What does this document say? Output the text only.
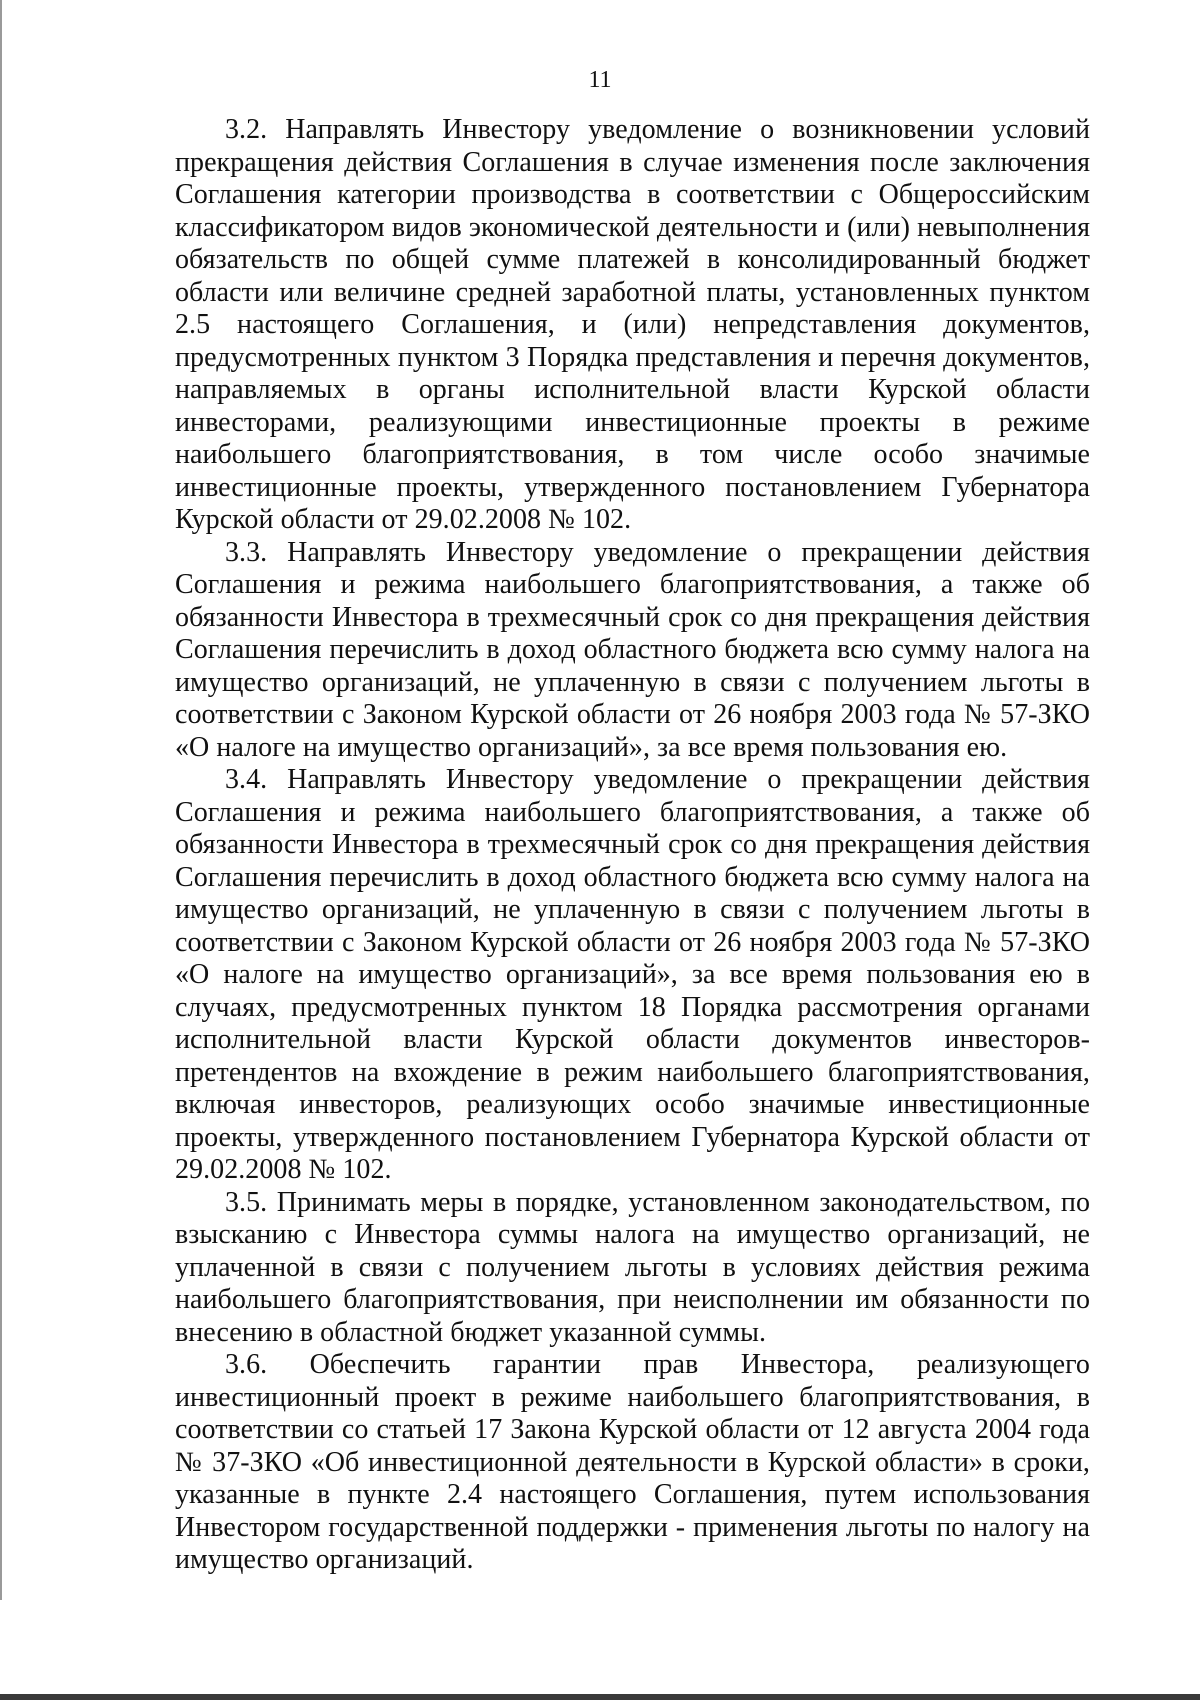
11

3.2. Направлять Инвестору уведомление о возникновении условий прекращения действия Соглашения в случае изменения после заключения Соглашения категории производства в соответствии с Общероссийским классификатором видов экономической деятельности и (или) невыполнения обязательств по общей сумме платежей в консолидированный бюджет области или величине средней заработной платы, установленных пунктом 2.5 настоящего Соглашения, и (или) непредставления документов, предусмотренных пунктом 3 Порядка представления и перечня документов, направляемых в органы исполнительной власти Курской области инвесторами, реализующими инвестиционные проекты в режиме наибольшего благоприятствования, в том числе особо значимые инвестиционные проекты, утвержденного постановлением Губернатора Курской области от 29.02.2008 № 102.

3.3. Направлять Инвестору уведомление о прекращении действия Соглашения и режима наибольшего благоприятствования, а также об обязанности Инвестора в трехмесячный срок со дня прекращения действия Соглашения перечислить в доход областного бюджета всю сумму налога на имущество организаций, не уплаченную в связи с получением льготы в соответствии с Законом Курской области от 26 ноября 2003 года № 57-ЗКО «О налоге на имущество организаций», за все время пользования ею.

3.4. Направлять Инвестору уведомление о прекращении действия Соглашения и режима наибольшего благоприятствования, а также об обязанности Инвестора в трехмесячный срок со дня прекращения действия Соглашения перечислить в доход областного бюджета всю сумму налога на имущество организаций, не уплаченную в связи с получением льготы в соответствии с Законом Курской области от 26 ноября 2003 года № 57-ЗКО «О налоге на имущество организаций», за все время пользования ею в случаях, предусмотренных пунктом 18 Порядка рассмотрения органами исполнительной власти Курской области документов инвесторов-претендентов на вхождение в режим наибольшего благоприятствования, включая инвесторов, реализующих особо значимые инвестиционные проекты, утвержденного постановлением Губернатора Курской области от 29.02.2008 № 102.

3.5. Принимать меры в порядке, установленном законодательством, по взысканию с Инвестора суммы налога на имущество организаций, не уплаченной в связи с получением льготы в условиях действия режима наибольшего благоприятствования, при неисполнении им обязанности по внесению в областной бюджет указанной суммы.

3.6. Обеспечить гарантии прав Инвестора, реализующего инвестиционный проект в режиме наибольшего благоприятствования, в соответствии со статьей 17 Закона Курской области от 12 августа 2004 года № 37-ЗКО «Об инвестиционной деятельности в Курской области» в сроки, указанные в пункте 2.4 настоящего Соглашения, путем использования Инвестором государственной поддержки - применения льготы по налогу на имущество организаций.
